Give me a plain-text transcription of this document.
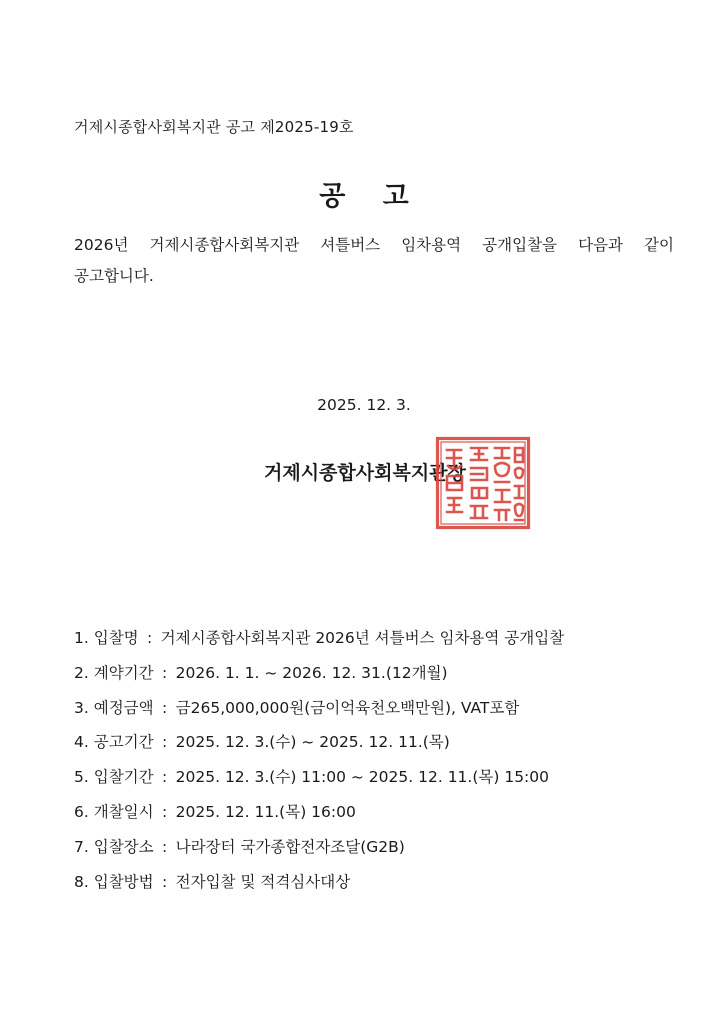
거제시종합사회복지관 공고 제2025-19호
공 고

2026년 거제시종합사회복지관 셔틀버스 임차용역 공개입찰을 다음과 같이
공고합니다.

2025. 12. 3.
거제시종합사회복지관장
1. 입찰명 : 거제시종합사회복지관 2026년 셔틀버스 임차용역 공개입찰
2. 계약기간 : 2026. 1. 1. ~ 2026. 12. 31.(12개월)
3. 예정금액 : 금265,000,000원(금이억육천오백만원), VAT포함
4. 공고기간 : 2025. 12. 3.(수) ~ 2025. 12. 11.(목)
5. 입찰기간 : 2025. 12. 3.(수) 11:00 ~ 2025. 12. 11.(목) 15:00
6. 개찰일시 : 2025. 12. 11.(목) 16:00
7. 입찰장소 : 나라장터 국가종합전자조달(G2B)
8. 입찰방법 : 전자입찰 및 적격심사대상
